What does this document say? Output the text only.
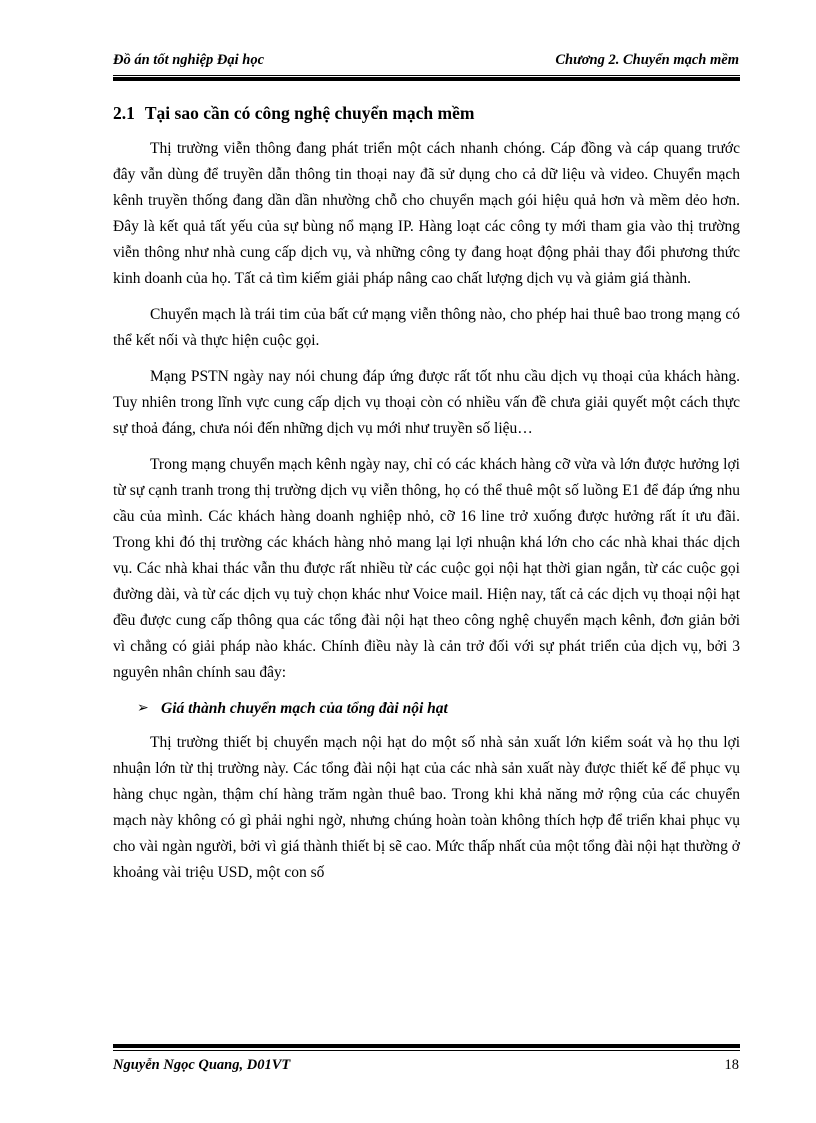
Đồ án tốt nghiệp Đại học	Chương 2. Chuyển mạch mềm
2.1 Tại sao cần có công nghệ chuyển mạch mềm

Thị trường viễn thông đang phát triển một cách nhanh chóng. Cáp đồng và cáp quang trước đây vẫn dùng để truyền dẫn thông tin thoại nay đã sử dụng cho cả dữ liệu và video. Chuyển mạch kênh truyền thống đang dần dần nhường chỗ cho chuyển mạch gói hiệu quả hơn và mềm dẻo hơn. Đây là kết quả tất yếu của sự bùng nổ mạng IP. Hàng loạt các công ty mới tham gia vào thị trường viễn thông như nhà cung cấp dịch vụ, và những công ty đang hoạt động phải thay đổi phương thức kinh doanh của họ. Tất cả tìm kiếm giải pháp nâng cao chất lượng dịch vụ và giảm giá thành.

Chuyển mạch là trái tim của bất cứ mạng viễn thông nào, cho phép hai thuê bao trong mạng có thể kết nối và thực hiện cuộc gọi.

Mạng PSTN ngày nay nói chung đáp ứng được rất tốt nhu cầu dịch vụ thoại của khách hàng. Tuy nhiên trong lĩnh vực cung cấp dịch vụ thoại còn có nhiều vấn đề chưa giải quyết một cách thực sự thoả đáng, chưa nói đến những dịch vụ mới như truyền số liệu…

Trong mạng chuyển mạch kênh ngày nay, chỉ có các khách hàng cỡ vừa và lớn được hưởng lợi từ sự cạnh tranh trong thị trường dịch vụ viễn thông, họ có thể thuê một số luồng E1 để đáp ứng nhu cầu của mình. Các khách hàng doanh nghiệp nhỏ, cỡ 16 line trở xuống được hưởng rất ít ưu đãi. Trong khi đó thị trường các khách hàng nhỏ mang lại lợi nhuận khá lớn cho các nhà khai thác dịch vụ. Các nhà khai thác vẫn thu được rất nhiều từ các cuộc gọi nội hạt thời gian ngắn, từ các cuộc gọi đường dài, và từ các dịch vụ tuỳ chọn khác như Voice mail. Hiện nay, tất cả các dịch vụ thoại nội hạt đều được cung cấp thông qua các tổng đài nội hạt theo công nghệ chuyển mạch kênh, đơn giản bởi vì chẳng có giải pháp nào khác. Chính điều này là cản trở đối với sự phát triển của dịch vụ, bởi 3 nguyên nhân chính sau đây:

➢ Giá thành chuyển mạch của tổng đài nội hạt

Thị trường thiết bị chuyển mạch nội hạt do một số nhà sản xuất lớn kiểm soát và họ thu lợi nhuận lớn từ thị trường này. Các tổng đài nội hạt của các nhà sản xuất này được thiết kế để phục vụ hàng chục ngàn, thậm chí hàng trăm ngàn thuê bao. Trong khi khả năng mở rộng của các chuyển mạch này không có gì phải nghi ngờ, nhưng chúng hoàn toàn không thích hợp để triển khai phục vụ cho vài ngàn người, bởi vì giá thành thiết bị sẽ cao. Mức thấp nhất của một tổng đài nội hạt thường ở khoảng vài triệu USD, một con số

Nguyễn Ngọc Quang, D01VT	18
